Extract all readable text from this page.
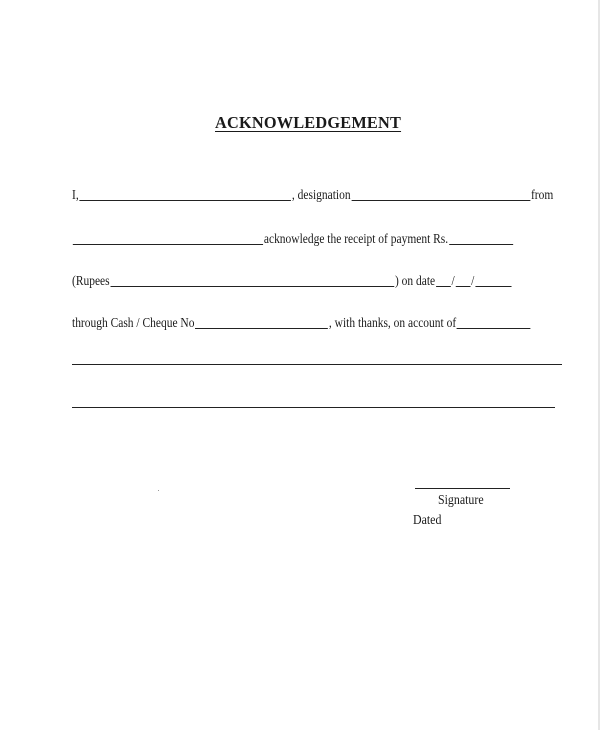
ACKNOWLEDGEMENT
I,	, designation	from
acknowledge the receipt of payment Rs.
(Rupees	) on date / /
through Cash / Cheque No	, with thanks, on account of
Signature
Dated
